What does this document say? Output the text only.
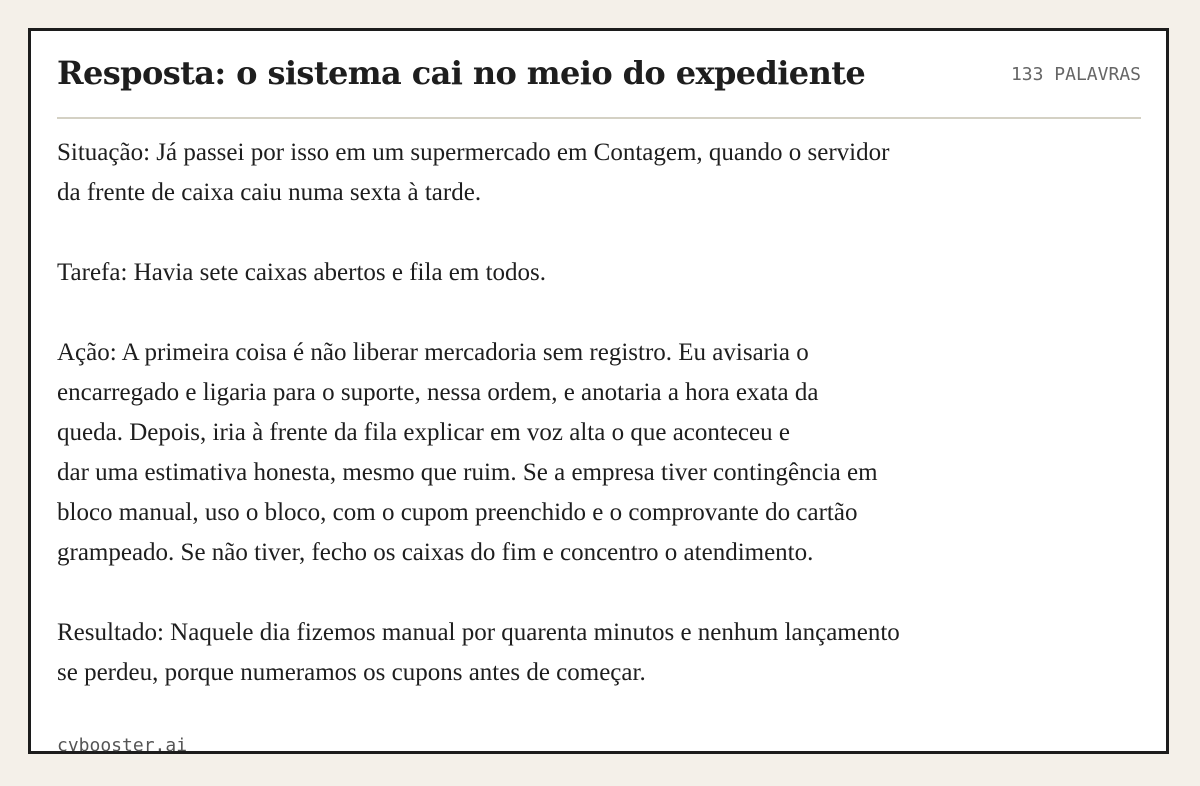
Resposta: o sistema cai no meio do expediente	133 PALAVRAS

Situação: Já passei por isso em um supermercado em Contagem, quando o servidor
da frente de caixa caiu numa sexta à tarde.

Tarefa: Havia sete caixas abertos e fila em todos.

Ação: A primeira coisa é não liberar mercadoria sem registro. Eu avisaria o
encarregado e ligaria para o suporte, nessa ordem, e anotaria a hora exata da
queda. Depois, iria à frente da fila explicar em voz alta o que aconteceu e
dar uma estimativa honesta, mesmo que ruim. Se a empresa tiver contingência em
bloco manual, uso o bloco, com o cupom preenchido e o comprovante do cartão
grampeado. Se não tiver, fecho os caixas do fim e concentro o atendimento.

Resultado: Naquele dia fizemos manual por quarenta minutos e nenhum lançamento
se perdeu, porque numeramos os cupons antes de começar.

cvbooster.ai
